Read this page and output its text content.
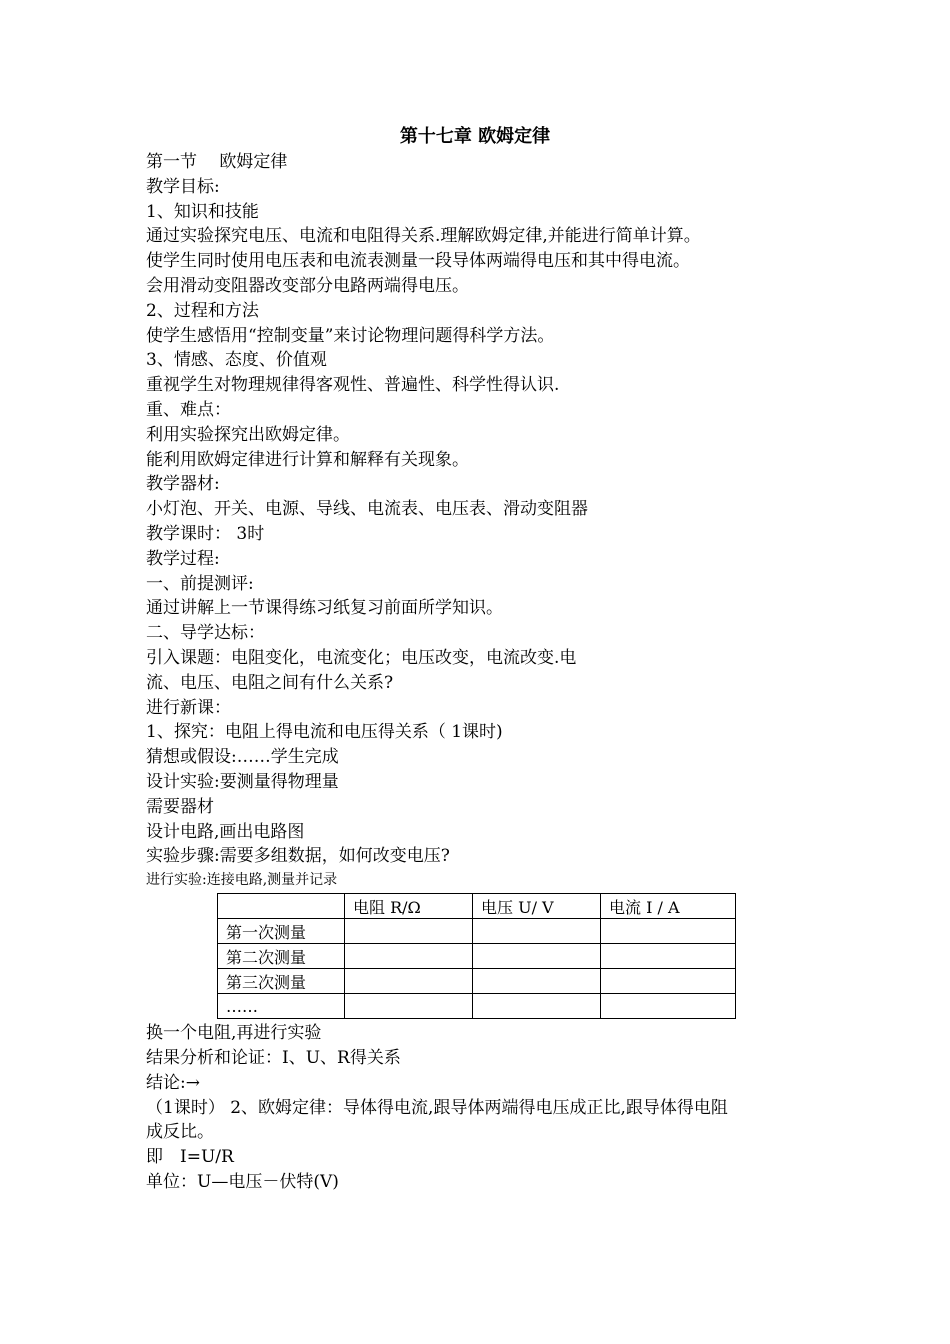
第十七章 欧姆定律
第一节　 欧姆定律
教学目标:
1、知识和技能
通过实验探究电压、电流和电阻得关系.理解欧姆定律,并能进行简单计算。
使学生同时使用电压表和电流表测量一段导体两端得电压和其中得电流。
会用滑动变阻器改变部分电路两端得电压。
2、过程和方法
使学生感悟用“控制变量”来讨论物理问题得科学方法。
3、情感、态度、价值观
重视学生对物理规律得客观性、普遍性、科学性得认识.
重、难点：
利用实验探究出欧姆定律。
能利用欧姆定律进行计算和解释有关现象。
教学器材:
小灯泡、开关、电源、导线、电流表、电压表、滑动变阻器
教学课时： 3时
教学过程:
一、前提测评:
通过讲解上一节课得练习纸复习前面所学知识。
二、导学达标：
引入课题：电阻变化，电流变化；电压改变，电流改变.电
流、电压、电阻之间有什么关系?
进行新课：
1、探究：电阻上得电流和电压得关系（ 1课时)
猜想或假设:……学生完成
设计实验:要测量得物理量
需要器材
设计电路,画出电路图
实验步骤:需要多组数据，如何改变电压?
进行实验:连接电路,测量并记录
	电阻 R/Ω	电压 U/ V	电流 I / A
第一次测量			
第二次测量			
第三次测量			
……			
换一个电阻,再进行实验
结果分析和论证：I、U、R得关系
结论:→
（1课时） 2、欧姆定律：导体得电流,跟导体两端得电压成正比,跟导体得电阻
成反比。
即　I=U/R
单位：U—电压－伏特(V)
